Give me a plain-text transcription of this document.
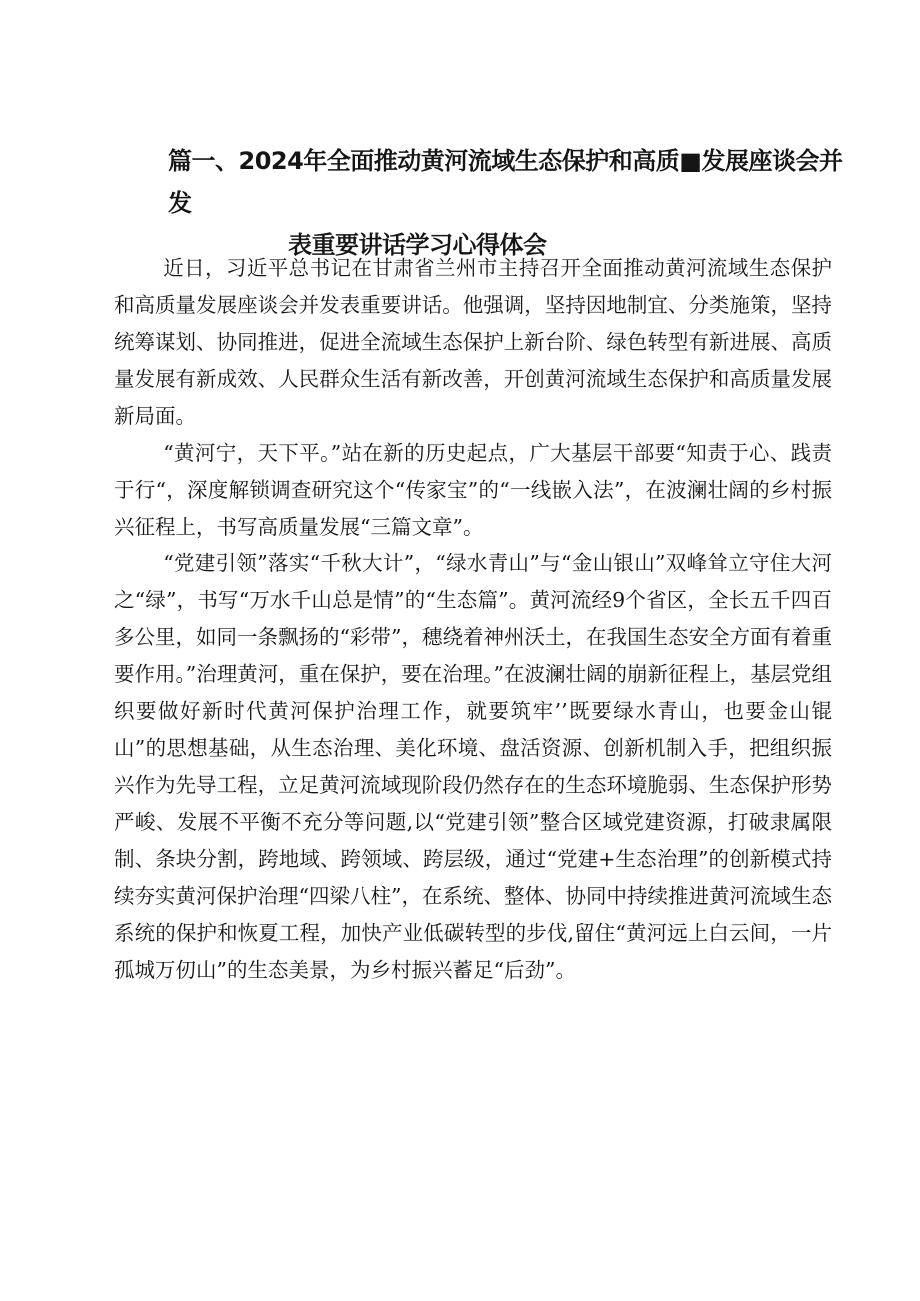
篇一、2024年全面推动黄河流域生态保护和高质■发展座谈会并发
表重要讲话学习心得体会

近日，习近平总书记在甘肃省兰州市主持召开全面推动黄河流域生态保护和高质量发展座谈会并发表重要讲话。他强调，坚持因地制宜、分类施策，坚持统筹谋划、协同推进，促进全流域生态保护上新台阶、绿色转型有新进展、高质量发展有新成效、人民群众生活有新改善，开创黄河流域生态保护和高质量发展新局面。

“黄河宁，天下平。”站在新的历史起点，广大基层干部要“知责于心、践责于行“，深度解锁调查研究这个“传家宝”的“一线嵌入法”，在波澜壮阔的乡村振兴征程上，书写高质量发展“三篇文章”。

“党建引领”落实“千秋大计”，“绿水青山”与“金山银山”双峰耸立守住大河之“绿”，书写“万水千山总是情”的“生态篇”。黄河流经9个省区，全长五千四百多公里，如同一条飘扬的“彩带”，穗绕着神州沃土，在我国生态安全方面有着重要作用。”治理黄河，重在保护，要在治理。”在波澜壮阔的崩新征程上，基层党组织要做好新时代黄河保护治理工作，就要筑牢’’既要绿水青山，也要金山锟山”的思想基础，从生态治理、美化环境、盘活资源、创新机制入手，把组织振兴作为先导工程，立足黄河流域现阶段仍然存在的生态环境脆弱、生态保护形势严峻、发展不平衡不充分等问题,以“党建引领”整合区域党建资源，打破隶属限制、条块分割，跨地域、跨领域、跨层级，通过“党建+生态治理”的创新模式持续夯实黄河保护治理“四梁八柱”，在系统、整体、协同中持续推进黄河流域生态系统的保护和恢夏工程，加快产业低碳转型的步伐,留住“黄河远上白云间，一片孤城万仞山”的生态美景，为乡村振兴蓄足“后劲”。
